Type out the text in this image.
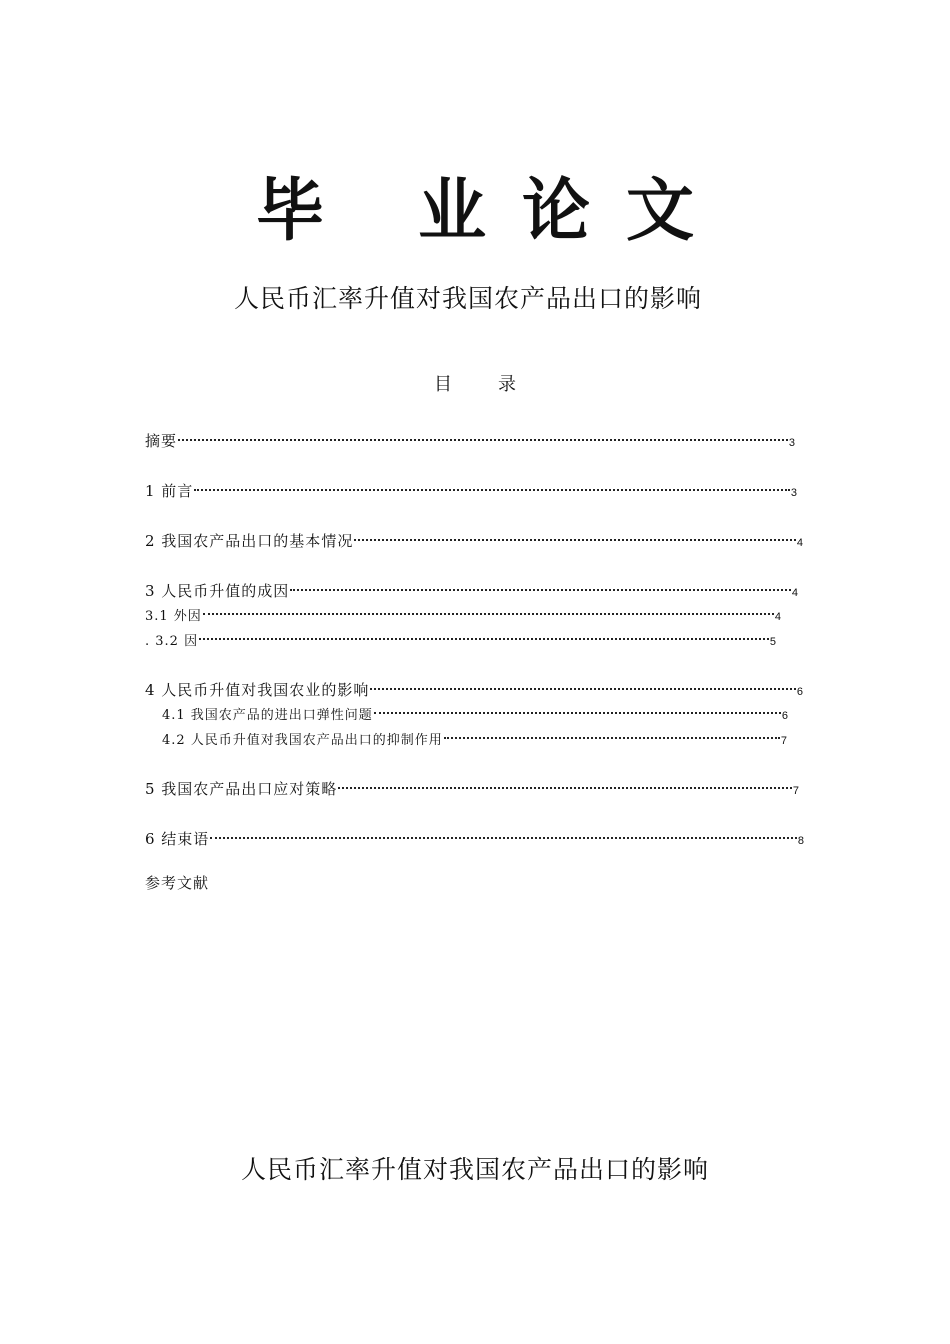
毕 业 论 文
人民币汇率升值对我国农产品出口的影响
目	录
摘要	3
1 前言	3
2 我国农产品出口的基本情况	4
3 人民币升值的成因	4
3.1 外因	4
. 3.2 因	5
4 人民币升值对我国农业的影响	6
4.1 我国农产品的进出口弹性问题	6
4.2 人民币升值对我国农产品出口的抑制作用	7
5 我国农产品出口应对策略	7
6 结束语	8
参考文献
人民币汇率升值对我国农产品出口的影响
